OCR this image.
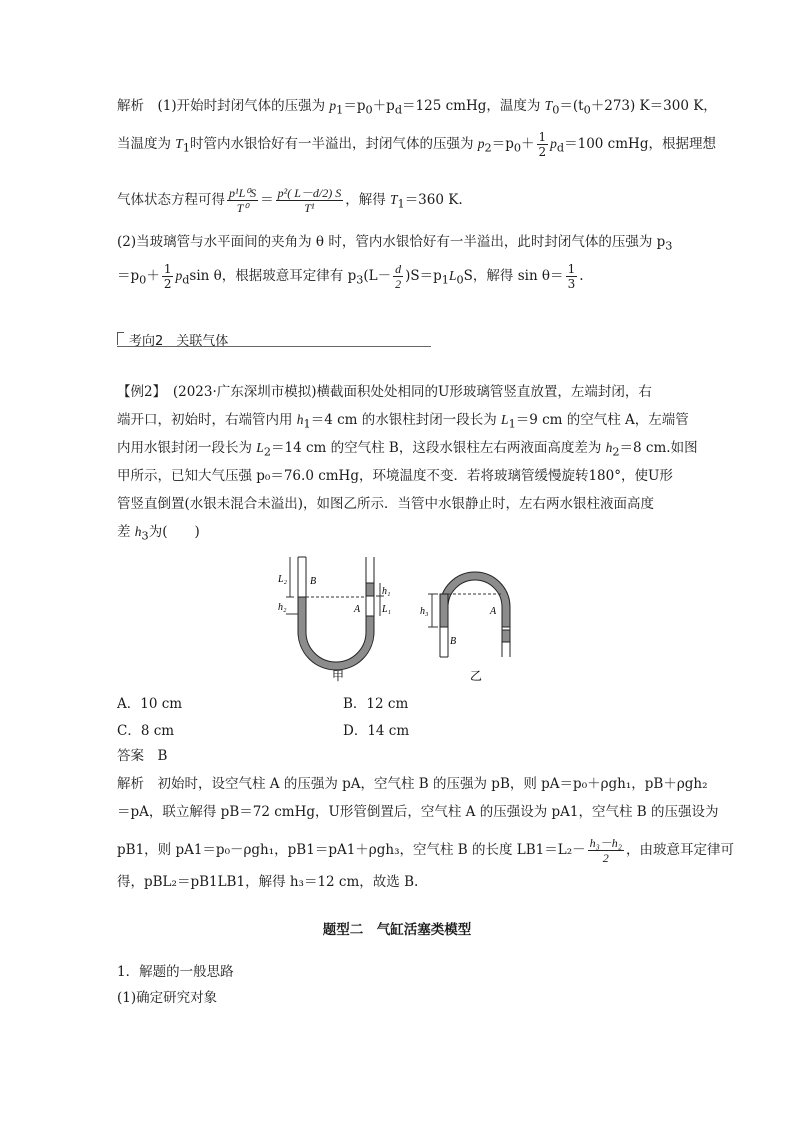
解析　(1)开始时封闭气体的压强为 $p_1=p_0+p_d=125$ cmHg，温度为 $T_0=(t_0+273)$ K＝300 K，
当温度为 $T_1$时管内水银恰好有一半溢出，封闭气体的压强为 $p_2=p_0+ \frac{1}{2} p_d=100$ cmHg，根据理想
气体状态方程可得 $\frac{\text{p¹L⁰S}}{\text{T⁰}} = \frac{\text{p²( L－d/2) S}}{\text{T¹}}$ ，解得 $T_1=360$ K.
(2)当玻璃管与水平面间的夹角为 θ 时，管内水银恰好有一半溢出，此时封闭气体的压强为 $p_3$
$=p_0+ \frac{1}{2} p_d\sin$ θ，根据玻意耳定律有 $p_3(L- \frac{d}{2} )S=p_1L_0S$，解得 $\sin \theta= \frac{1}{3}$ .
考向2　关联气体
【例2】　(2023·广东深圳市模拟)横截面积处处相同的U形玻璃管竖直放置，左端封闭，右
端开口，初始时，右端管内用 $h_1=4$ cm 的水银柱封闭一段长为 $L_1=9$ cm 的空气柱 A，左端管
内用水银封闭一段长为 $L_2=14$ cm 的空气柱 B，这段水银柱左右两液面高度差为 $h_2=8$ cm.如图
甲所示，已知大气压强 p₀＝76.0 cmHg，环境温度不变．若将玻璃管缓慢旋转180°，使U形
管竖直倒置(水银未混合未溢出)，如图乙所示．当管中水银静止时，左右两水银柱液面高度
差 $h_3$为(　　)
L₂ B
h₂	A
h₁
L₁	h₃	A
B
甲	乙
A．10 cm	B．12 cm
C．8 cm	D．14 cm
答案　B
解析　初始时，设空气柱 A 的压强为 pA，空气柱 B 的压强为 pB，则 pA＝p₀＋ρgh₁，pB＋ρgh₂
＝pA，联立解得 pB＝72 cmHg，U形管倒置后，空气柱 A 的压强设为 pA1，空气柱 B 的压强设为
pB1，则 pA1＝p₀－ρgh₁，pB1＝pA1＋ρgh₃，空气柱 B 的长度 $LB1=L_2- \frac{\text{h₃－h₂}}{2}$ ，由玻意耳定律可
得，pBL₂＝pB1LB1，解得 h₃＝12 cm，故选 B.
题型二　气缸活塞类模型
1．解题的一般思路
(1)确定研究对象
